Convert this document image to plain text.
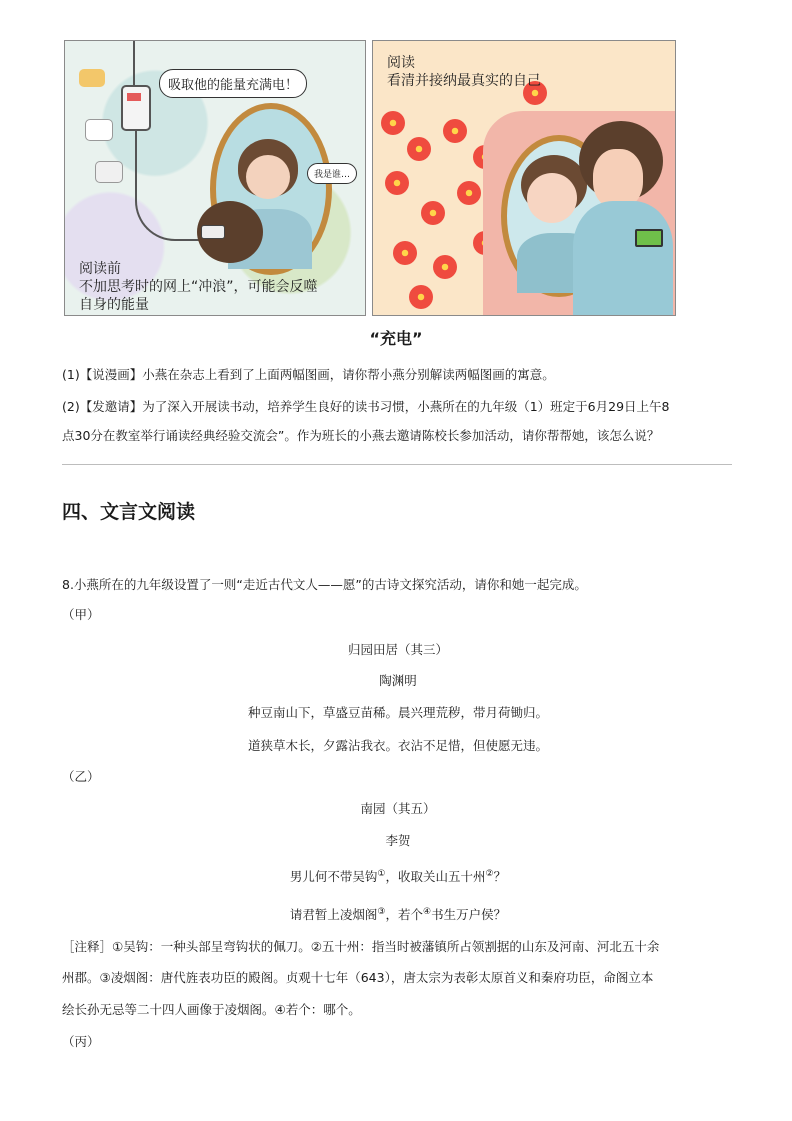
吸取他的能量充满电！
我是谁…
阅读前
不加思考时的网上“冲浪”，可能会反噬
自身的能量
阅读
看清并接纳最真实的自己
“充电”
(1)【说漫画】小燕在杂志上看到了上面两幅图画，请你帮小燕分别解读两幅图画的寓意。
(2)【发邀请】为了深入开展读书动，培养学生良好的读书习惯，小燕所在的九年级（1）班定于6月29日上午8
点30分在教室举行诵读经典经验交流会”。作为班长的小燕去邀请陈校长参加活动，请你帮帮她，该怎么说？
四、文言文阅读
8.小燕所在的九年级设置了一则“走近古代文人——愿”的古诗文探究活动，请你和她一起完成。
（甲）
归园田居（其三）
陶渊明
种豆南山下，草盛豆苗稀。晨兴理荒秽，带月荷锄归。
道狭草木长，夕露沾我衣。衣沾不足惜，但使愿无违。
（乙）
南园（其五）
李贺
男儿何不带吴钩①，收取关山五十州②？
请君暂上凌烟阁③，若个④书生万户侯？
［注释］①吴钩：一种头部呈弯钩状的佩刀。②五十州：指当时被藩镇所占领割据的山东及河南、河北五十余
州郡。③凌烟阁：唐代旌表功臣的殿阁。贞观十七年（643），唐太宗为表彰太原首义和秦府功臣，命阁立本
绘长孙无忌等二十四人画像于凌烟阁。④若个：哪个。
（丙）
